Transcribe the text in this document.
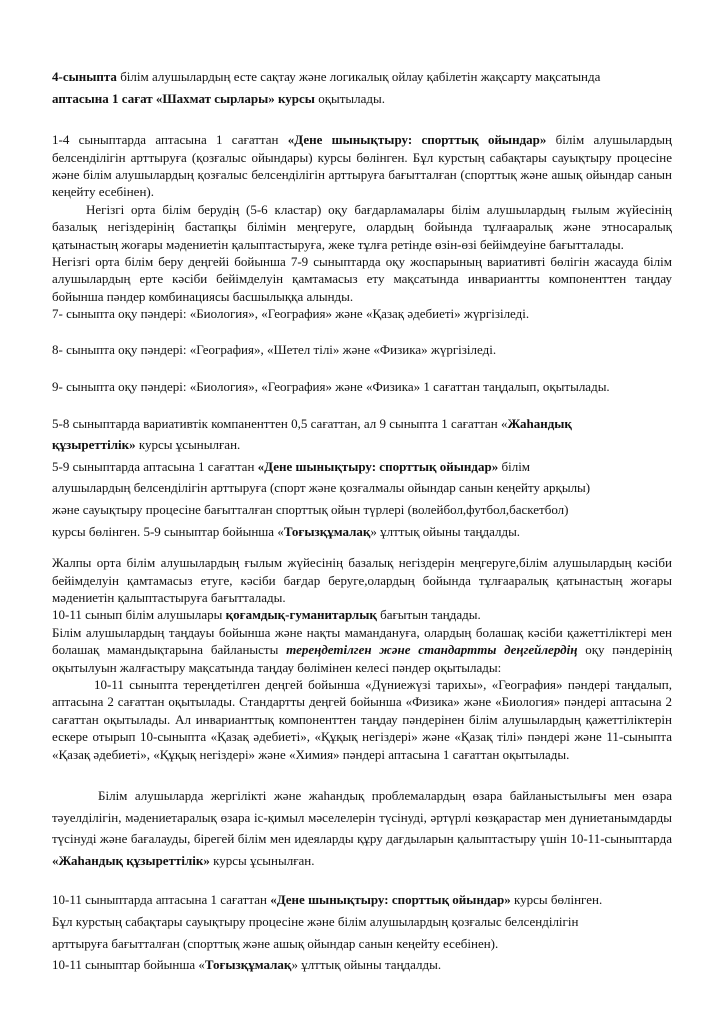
4-сыныпта білім алушылардың есте сақтау және логикалық ойлау қабілетін жақсарту мақсатында
аптасына 1 сағат «Шахмат сырлары» курсы оқытылады.

1-4 сыныптарда аптасына 1 сағаттан «Дене шынықтыру: спорттық ойындар» білім алушылардың белсенділігін арттыруға (қозғалыс ойындары) курсы бөлінген. Бұл курстың сабақтары сауықтыру процесіне және білім алушылардың қозғалыс белсенділігін арттыруға бағытталған (спорттық және ашық ойындар санын кеңейту есебінен).

Негізгі орта білім берудің (5-6 кластар) оқу бағдарламалары білім алушылардың ғылым жүйесінің базалық негіздерінің бастапқы білімін меңгеруге, олардың бойында тұлғааралық және этносаралық қатынастың жоғары мәдениетін қалыптастыруға, жеке тұлға ретінде өзін-өзі бейімдеуіне бағытталады.

Негізгі орта білім беру деңгейі бойынша 7-9 сыныптарда оқу жоспарының вариативті бөлігін жасауда білім алушылардың ерте кәсіби бейімделуін қамтамасыз ету мақсатында инвариантты компоненттен таңдау бойынша пәндер комбинациясы басшылыққа алынды.

7- сыныпта оқу пәндері: «Биология», «География» және «Қазақ әдебиеті» жүргізіледі.

8- сыныпта оқу пәндері: «География», «Шетел тілі» және «Физика» жүргізіледі.

9- сыныпта оқу пәндері: «Биология», «География» және «Физика» 1 сағаттан таңдалып, оқытылады.

5-8 сыныптарда вариативтік компаненттен 0,5 сағаттан, ал 9 сыныпта 1 сағаттан «Жаһандық
құзыреттілік» курсы ұсынылған.

5-9 сыныптарда аптасына 1 сағаттан «Дене шынықтыру: спорттық ойындар» білім
алушылардың белсенділігін арттыруға (спорт және қозғалмалы ойындар санын кеңейту арқылы)
және сауықтыру процесіне бағытталған спорттық ойын түрлері (волейбол,футбол,баскетбол)
курсы бөлінген. 5-9 сыныптар бойынша «Тоғызқұмалақ» ұлттық ойыны таңдалды.

Жалпы орта білім алушылардың ғылым жүйесінің базалық негіздерін меңгеруге,білім алушылардың кәсіби бейімделуін қамтамасыз етуге, кәсіби бағдар беруге,олардың бойында тұлғааралық қатынастың жоғары мәдениетін қалыптастыруға бағытталады.

10-11 сынып білім алушылары қоғамдық-гуманитарлық бағытын таңдады.

Білім алушылардың таңдауы бойынша және нақты мамандануға, олардың болашақ кәсіби қажеттіліктері мен болашақ мамандықтарына байланысты тереңдетілген және стандартты деңгейлердің оқу пәндерінің оқытылуын жалғастыру мақсатында таңдау бөлімінен келесі пәндер оқытылады:

10-11 сыныпта тереңдетілген деңгей бойынша «Дүниежүзі тарихы», «География» пәндері таңдалып, аптасына 2 сағаттан оқытылады. Стандартты деңгей бойынша «Физика» және «Биология» пәндері аптасына 2 сағаттан оқытылады. Ал инварианттық компоненттен таңдау пәндерінен білім алушылардың қажеттіліктерін ескере отырып 10-сыныпта «Қазақ әдебиеті», «Құқық негіздері» және «Қазақ тілі» пәндері және 11-сыныпта «Қазақ әдебиеті», «Құқық негіздері» және «Химия» пәндері аптасына 1 сағаттан оқытылады.

Білім алушыларда жергілікті және жаһандық проблемалардың өзара байланыстылығы мен өзара тәуелділігін, мәдениетаралық өзара іс-қимыл мәселелерін түсінуді, әртүрлі көзқарастар мен дүниетанымдарды түсінуді және бағалауды, бірегей білім мен идеяларды құру дағдыларын қалыптастыру үшін 10-11-сыныптарда «Жаһандық құзыреттілік» курсы ұсынылған.

10-11 сыныптарда аптасына 1 сағаттан «Дене шынықтыру: спорттық ойындар» курсы бөлінген.
Бұл курстың сабақтары сауықтыру процесіне және білім алушылардың қозғалыс белсенділігін
арттыруға бағытталған (спорттық және ашық ойындар санын кеңейту есебінен).
10-11 сыныптар бойынша «Тоғызқұмалақ» ұлттық ойыны таңдалды.
